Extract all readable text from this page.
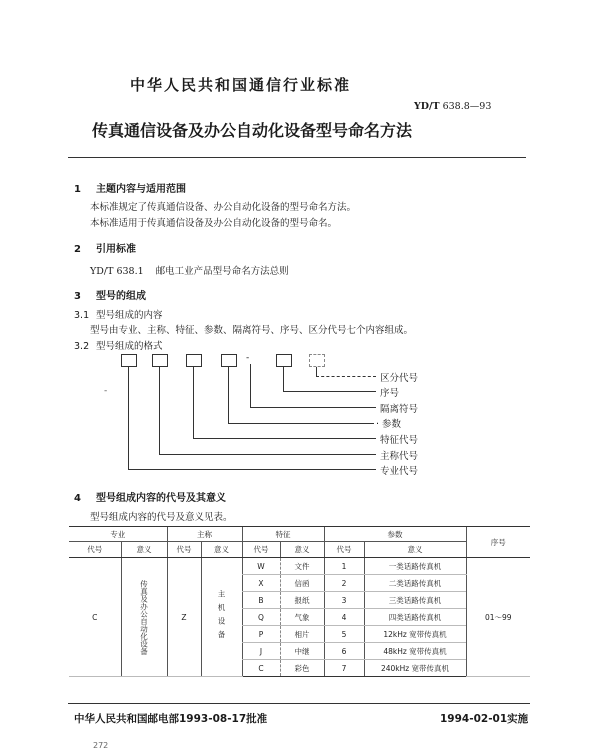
中华人民共和国通信行业标准
YD/T 638.8—93
传真通信设备及办公自动化设备型号命名方法
1 主题内容与适用范围
本标准规定了传真通信设备、办公自动化设备的型号命名方法。
本标准适用于传真通信设备及办公自动化设备的型号命名。
2 引用标准
YD/T 638.1 邮电工业产品型号命名方法总则
3 型号的组成
3.1 型号组成的内容
型号由专业、主称、特征、参数、隔离符号、序号、区分代号七个内容组成。
3.2 型号组成的格式
-
-
区分代号
序号
隔离符号
· 参数
特征代号
主称代号
专业代号
4 型号组成内容的代号及其意义
型号组成内容的代号及意义见表。
专业		主称		特征		参数		序号
代号	意义	代号	意义	代号	意义	代号	意义	
C	传真及办公自动化设备	Z	主机设备	W	文件	1	一类话路传真机	01～99
				X	信函	2	二类话路传真机	
				B	报纸	3	三类话路传真机	
				Q	气象	4	四类话路传真机	
				P	相片	5	12kHz 宽带传真机	
				J	中继	6	48kHz 宽带传真机	
				C	彩色	7	240kHz 宽带传真机	
中华人民共和国邮电部1993-08-17批准	1994-02-01实施
272
